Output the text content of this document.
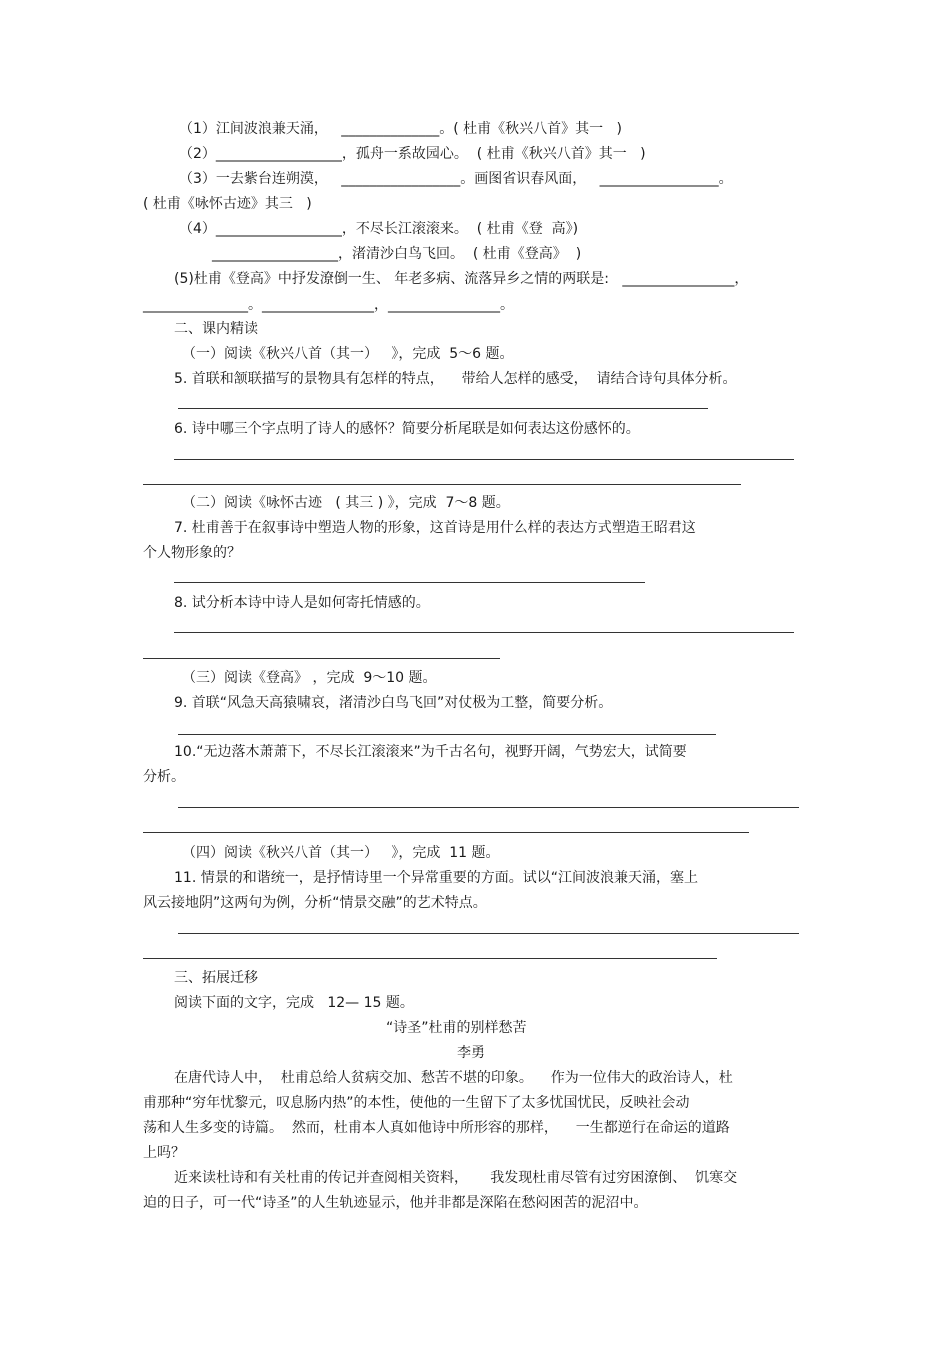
（1）江间波浪兼天涌，   ______________。( 杜甫《秋兴八首》其一   )
（2）__________________，孤舟一系故园心。  ( 杜甫《秋兴八首》其一   )
（3）一去紫台连朔漠，   _________________。画图省识春风面，   _________________。
( 杜甫《咏怀古迹》其三   )
（4）__________________，不尽长江滚滚来。  ( 杜甫《登  高》)
__________________，渚清沙白鸟飞回。  ( 杜甫《登高》  )
(5)杜甫《登高》中抒发潦倒一生、 年老多病、流落异乡之情的两联是:   ________________，
_______________。________________，________________。
二、课内精读
（一）阅读《秋兴八首（其一）   》，完成  5～6 题。
5. 首联和颔联描写的景物具有怎样的特点，    带给人怎样的感受，  请结合诗句具体分析。
6. 诗中哪三个字点明了诗人的感怀？简要分析尾联是如何表达这份感怀的。
（二）阅读《咏怀古迹   ( 其三 ) 》，完成  7～8 题。
7. 杜甫善于在叙事诗中塑造人物的形象，这首诗是用什么样的表达方式塑造王昭君这
个人物形象的？
8. 试分析本诗中诗人是如何寄托情感的。
（三）阅读《登高》 ，完成  9～10 题。
9. 首联“风急天高猿啸哀，渚清沙白鸟飞回”对仗极为工整，简要分析。
10.“无边落木萧萧下，不尽长江滚滚来”为千古名句，视野开阔，气势宏大，试简要
分析。
（四）阅读《秋兴八首（其一）   》，完成  11 题。
11. 情景的和谐统一，是抒情诗里一个异常重要的方面。试以“江间波浪兼天涌，塞上
风云接地阴”这两句为例，分析“情景交融”的艺术特点。
三、拓展迁移
阅读下面的文字，完成   12— 15 题。
“诗圣”杜甫的别样愁苦
李勇
在唐代诗人中，  杜甫总给人贫病交加、愁苦不堪的印象。    作为一位伟大的政治诗人，杜
甫那种“穷年忧黎元，叹息肠内热”的本性，使他的一生留下了太多忧国忧民，反映社会动
荡和人生多变的诗篇。  然而，杜甫本人真如他诗中所形容的那样，    一生都逆行在命运的道路
上吗？
近来读杜诗和有关杜甫的传记并查阅相关资料，     我发现杜甫尽管有过穷困潦倒、  饥寒交
迫的日子，可一代“诗圣”的人生轨迹显示，他并非都是深陷在愁闷困苦的泥沼中。
